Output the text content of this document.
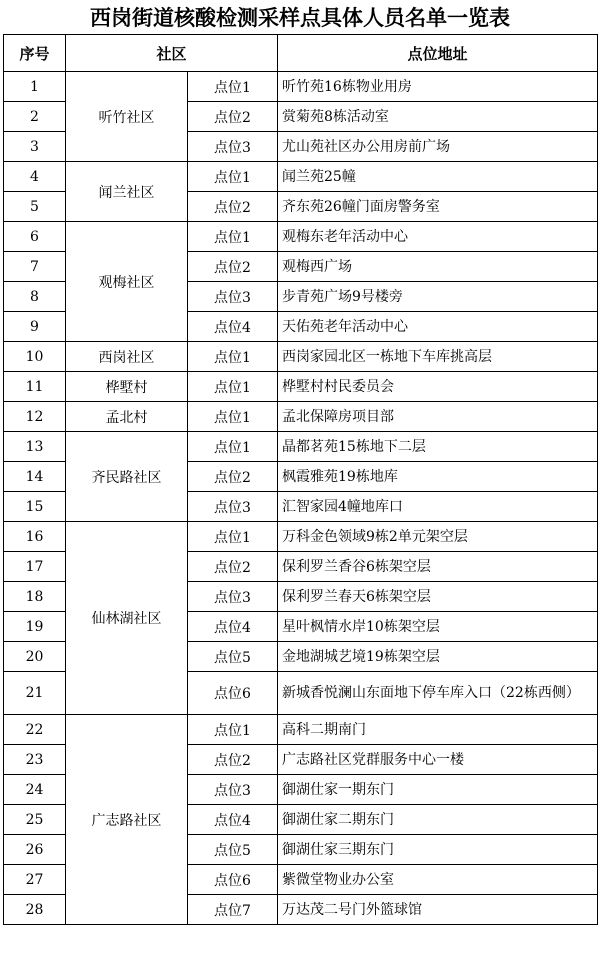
西岗街道核酸检测采样点具体人员名单一览表
序号	社区		点位地址
1	听竹社区	点位1	听竹苑16栋物业用房
2		点位2	赏菊苑8栋活动室
3		点位3	尤山苑社区办公用房前广场
4	闻兰社区	点位1	闻兰苑25幢
5		点位2	齐东苑26幢门面房警务室
6	观梅社区	点位1	观梅东老年活动中心
7		点位2	观梅西广场
8		点位3	步青苑广场9号楼旁
9		点位4	天佑苑老年活动中心
10	西岗社区	点位1	西岗家园北区一栋地下车库挑高层
11	桦墅村	点位1	桦墅村村民委员会
12	孟北村	点位1	孟北保障房项目部
13	齐民路社区	点位1	晶都茗苑15栋地下二层
14		点位2	枫霞雅苑19栋地库
15		点位3	汇智家园4幢地库口
16	仙林湖社区	点位1	万科金色领域9栋2单元架空层
17		点位2	保利罗兰香谷6栋架空层
18		点位3	保利罗兰春天6栋架空层
19		点位4	星叶枫情水岸10栋架空层
20		点位5	金地湖城艺境19栋架空层
21		点位6	新城香悦澜山东面地下停车库入口（22栋西侧）
22	广志路社区	点位1	高科二期南门
23		点位2	广志路社区党群服务中心一楼
24		点位3	御湖仕家一期东门
25		点位4	御湖仕家二期东门
26		点位5	御湖仕家三期东门
27		点位6	紫微堂物业办公室
28		点位7	万达茂二号门外篮球馆
